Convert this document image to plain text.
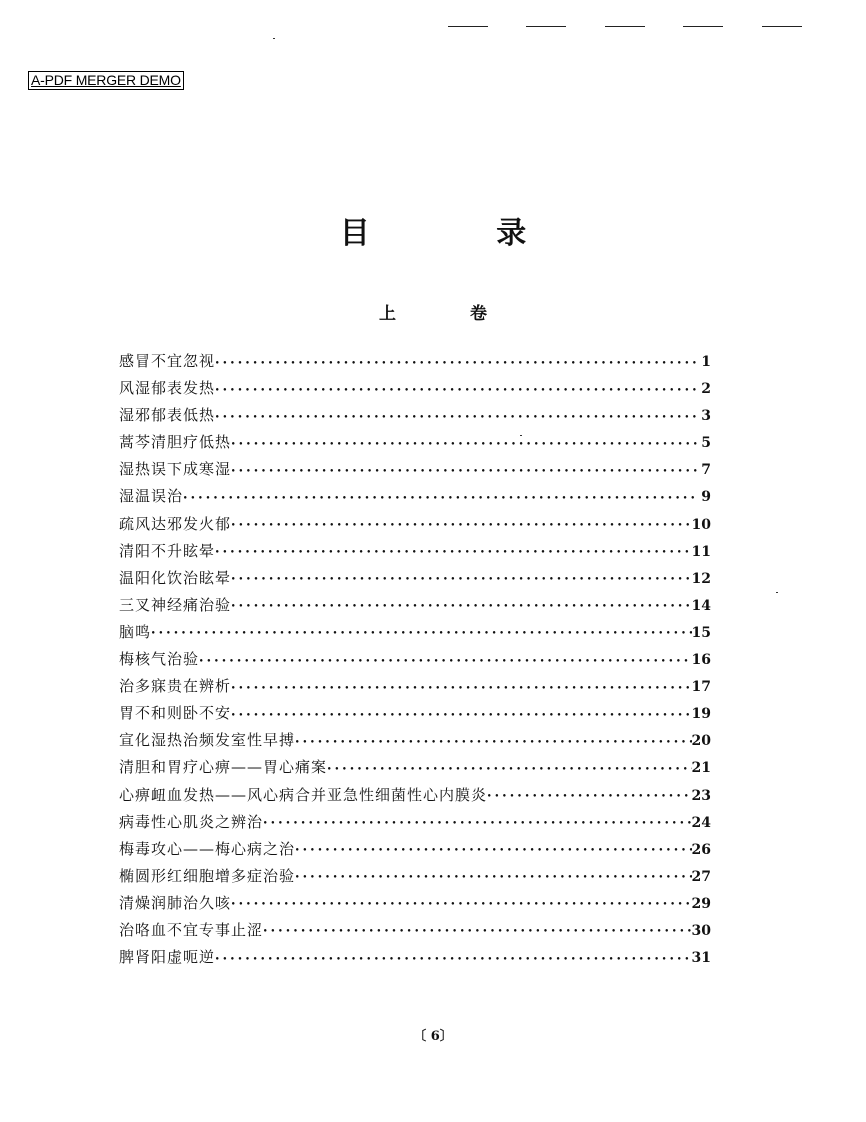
A-PDF MERGER DEMO
目 录
上 卷
感冒不宜忽视 •••••	1
风湿郁表发热 •••••	2
湿邪郁表低热 •••••	3
蒿芩清胆疗低热 •••••	5
湿热误下成寒湿 •••••	7
湿温误治 •••••	9
疏风达邪发火郁 •••••	10
清阳不升眩晕 •••••	11
温阳化饮治眩晕 •••••	12
三叉神经痛治验 •••••	14
脑鸣 •••••	15
梅核气治验 •••••	16
治多寐贵在辨析 •••••	17
胃不和则卧不安 •••••	19
宣化湿热治频发室性早搏 •••••	20
清胆和胃疗心痹——胃心痛案 •••••	21
心痹衄血发热——风心病合并亚急性细菌性心内膜炎 •••••	23
病毒性心肌炎之辨治 •••••	24
梅毒攻心——梅心病之治 •••••	26
椭圆形红细胞增多症治验 •••••	27
清燥润肺治久咳 •••••	29
治咯血不宜专事止涩 •••••	30
脾肾阳虚呃逆 •••••	31
〔 6〕
